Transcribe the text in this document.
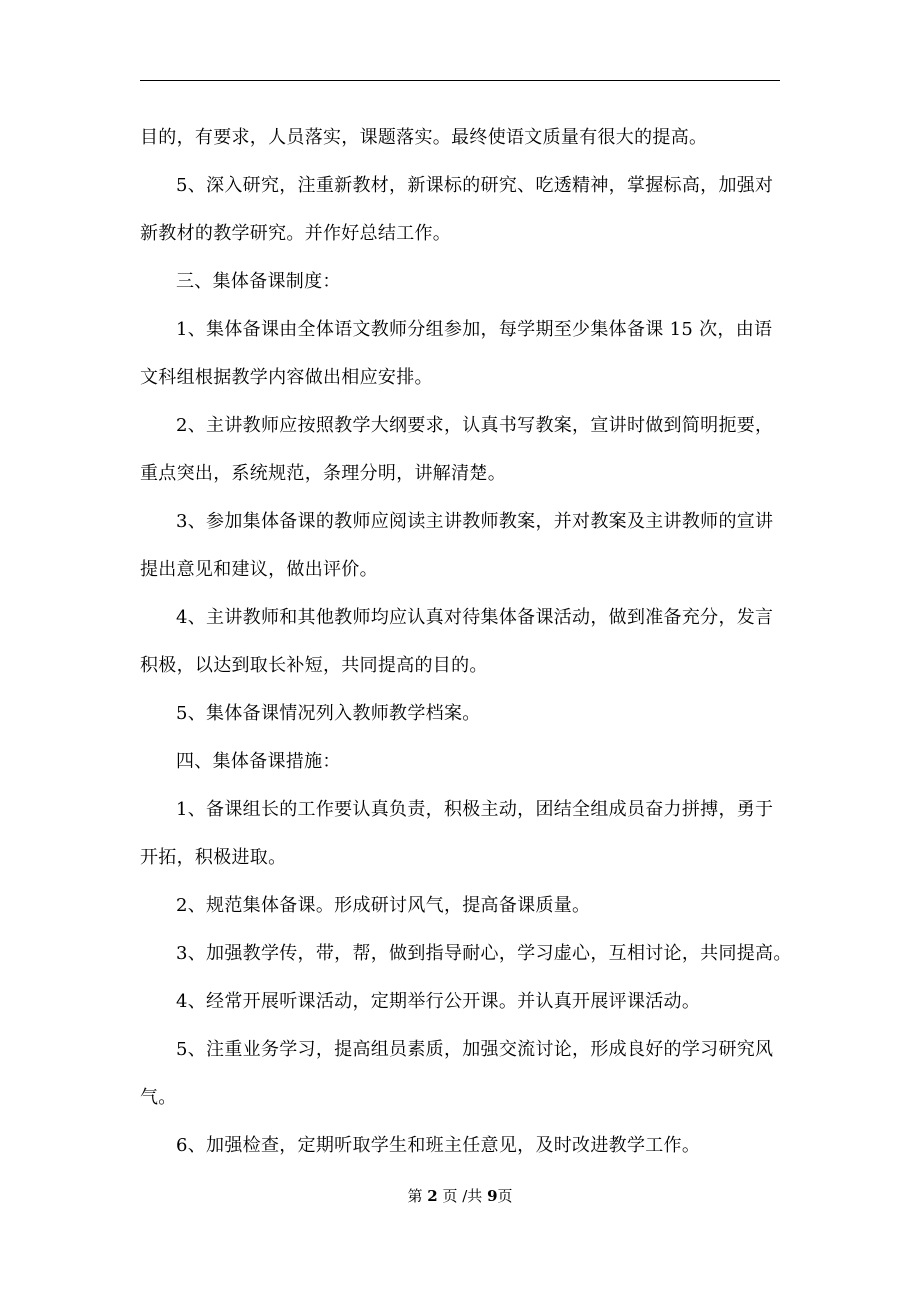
目的，有要求，人员落实，课题落实。最终使语文质量有很大的提高。
5、深入研究，注重新教材，新课标的研究、吃透精神，掌握标高，加强对
新教材的教学研究。并作好总结工作。
三、集体备课制度：
1、集体备课由全体语文教师分组参加，每学期至少集体备课 15 次，由语
文科组根据教学内容做出相应安排。
2、主讲教师应按照教学大纲要求，认真书写教案，宣讲时做到简明扼要，
重点突出，系统规范，条理分明，讲解清楚。
3、参加集体备课的教师应阅读主讲教师教案，并对教案及主讲教师的宣讲
提出意见和建议，做出评价。
4、主讲教师和其他教师均应认真对待集体备课活动，做到准备充分，发言
积极，以达到取长补短，共同提高的目的。
5、集体备课情况列入教师教学档案。
四、集体备课措施：
1、备课组长的工作要认真负责，积极主动，团结全组成员奋力拼搏，勇于
开拓，积极进取。
2、规范集体备课。形成研讨风气，提高备课质量。
3、加强教学传，带，帮，做到指导耐心，学习虚心，互相讨论，共同提高。
4、经常开展听课活动，定期举行公开课。并认真开展评课活动。
5、注重业务学习，提高组员素质，加强交流讨论，形成良好的学习研究风
气。
6、加强检查，定期听取学生和班主任意见，及时改进教学工作。
第 2 页 /共 9页
